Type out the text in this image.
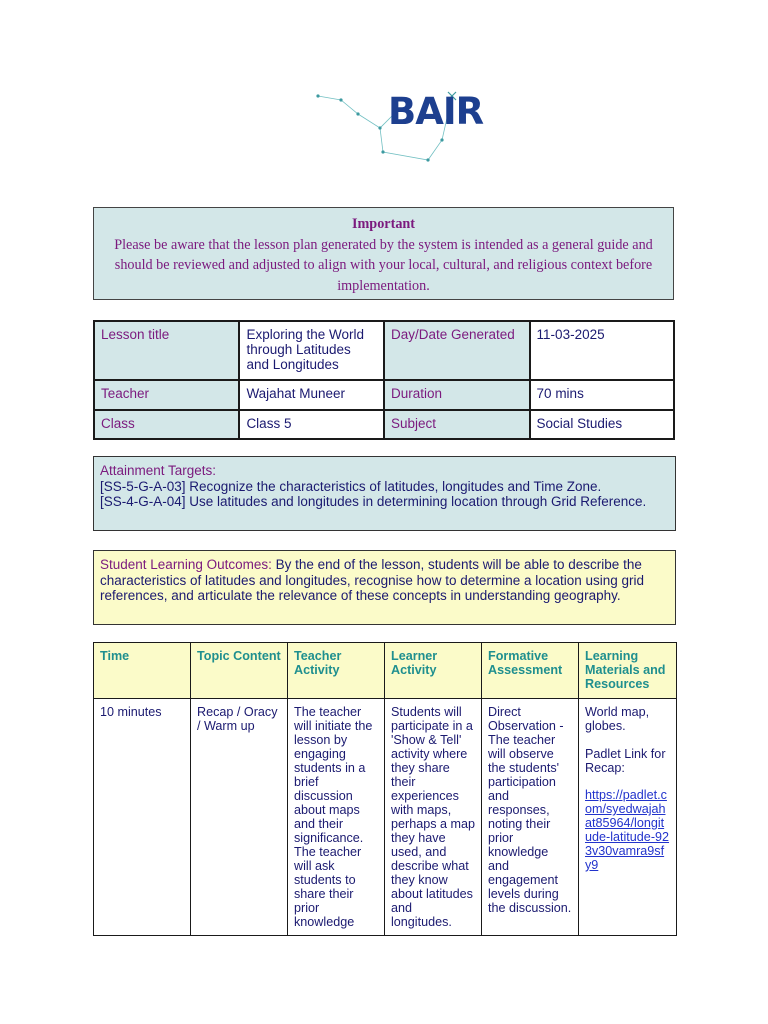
BAIR
Important
Please be aware that the lesson plan generated by the system is intended as a general guide and should be reviewed and adjusted to align with your local, cultural, and religious context before implementation.
Lesson title	Exploring the World through Latitudes and Longitudes	Day/Date Generated	11-03-2025
Teacher	Wajahat Muneer	Duration	70 mins
Class	Class 5	Subject	Social Studies
Attainment Targets:
[SS-5-G-A-03] Recognize the characteristics of latitudes, longitudes and Time Zone.
[SS-4-G-A-04] Use latitudes and longitudes in determining location through Grid Reference.
Student Learning Outcomes: By the end of the lesson, students will be able to describe the characteristics of latitudes and longitudes, recognise how to determine a location using grid references, and articulate the relevance of these concepts in understanding geography.
Time	Topic Content	Teacher Activity	Learner Activity	Formative Assessment	Learning Materials and Resources
10 minutes	Recap / Oracy / Warm up	The teacher will initiate the lesson by engaging students in a brief discussion about maps and their significance. The teacher will ask students to share their prior knowledge	Students will participate in a 'Show & Tell' activity where they share their experiences with maps, perhaps a map they have used, and describe what they know about latitudes and longitudes.	Direct Observation - The teacher will observe the students' participation and responses, noting their prior knowledge and engagement levels during the discussion.	World map, globes.

Padlet Link for Recap:

https://padlet.com/syedwajahat85964/longitude-latitude-923v30vamra9sfy9
